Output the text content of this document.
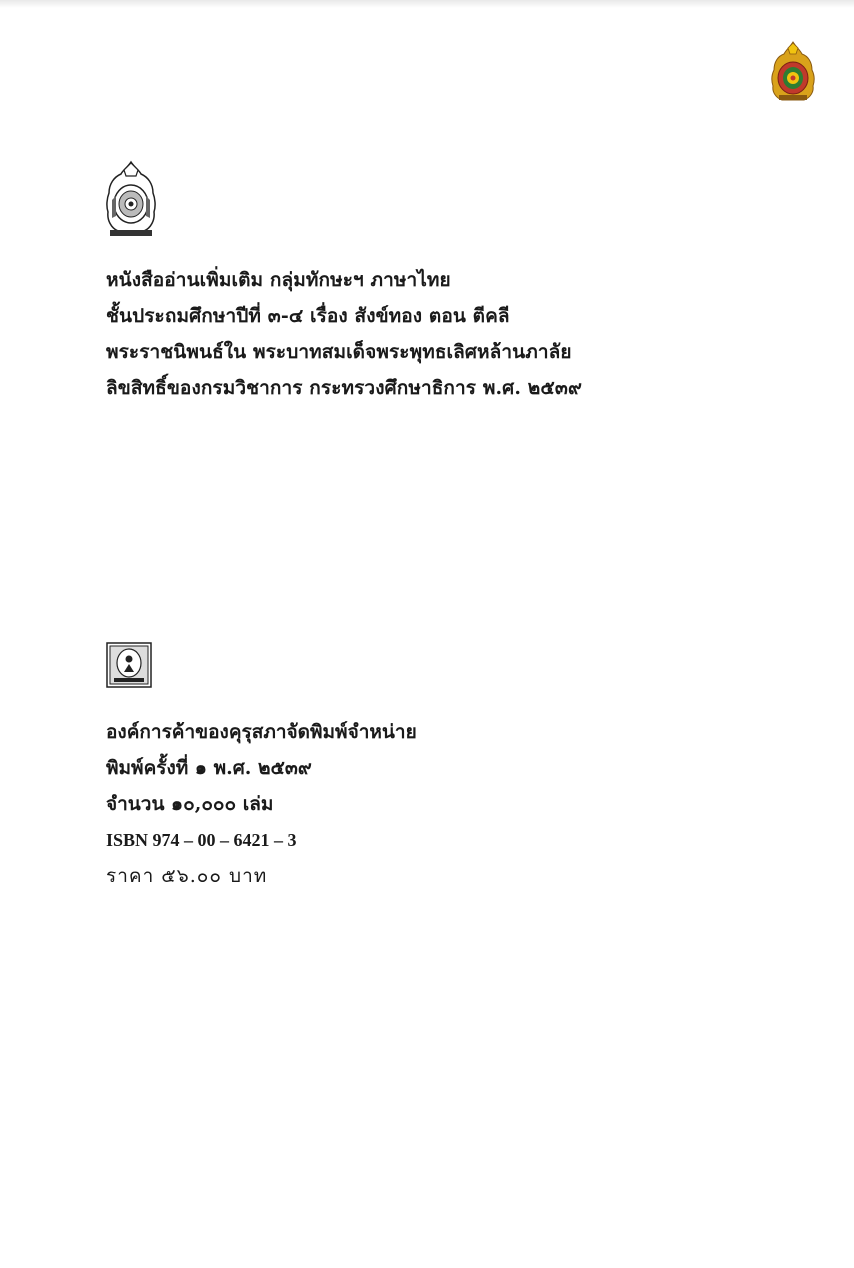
หนังสืออ่านเพิ่มเติม กลุ่มทักษะฯ ภาษาไทย
ชั้นประถมศึกษาปีที่ ๓-๔ เรื่อง สังข์ทอง ตอน ตีคลี
พระราชนิพนธ์ใน พระบาทสมเด็จพระพุทธเลิศหล้านภาลัย
ลิขสิทธิ์ของกรมวิชาการ กระทรวงศึกษาธิการ พ.ศ. ๒๕๓๙
องค์การค้าของคุรุสภาจัดพิมพ์จำหน่าย
พิมพ์ครั้งที่ ๑ พ.ศ. ๒๕๓๙
จำนวน ๑๐,๐๐๐ เล่ม
ISBN 974 – 00 – 6421 – 3
ราคา ๕๖.๐๐ บาท
